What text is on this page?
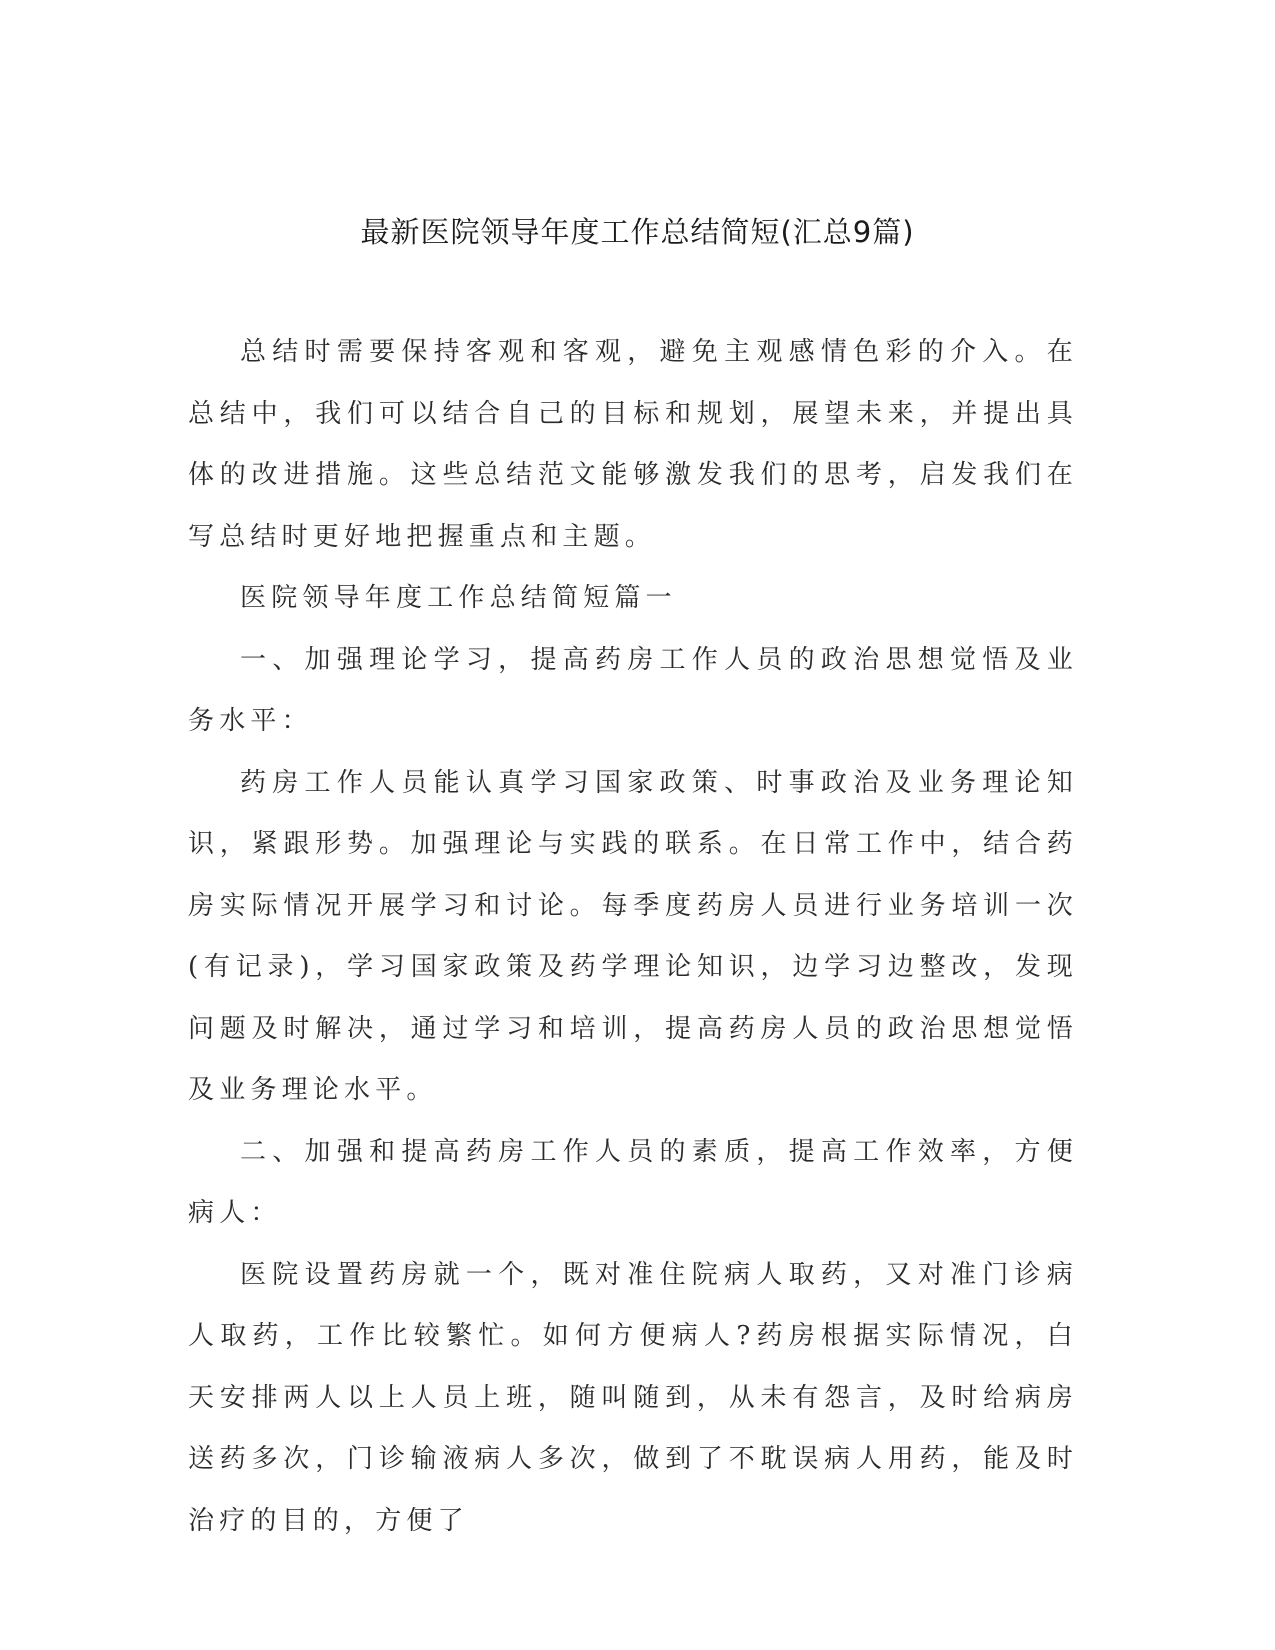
最新医院领导年度工作总结简短(汇总9篇)

总结时需要保持客观和客观，避免主观感情色彩的介入。在总结中，我们可以结合自己的目标和规划，展望未来，并提出具体的改进措施。这些总结范文能够激发我们的思考，启发我们在写总结时更好地把握重点和主题。

医院领导年度工作总结简短篇一

一、加强理论学习，提高药房工作人员的政治思想觉悟及业务水平：

药房工作人员能认真学习国家政策、时事政治及业务理论知识，紧跟形势。加强理论与实践的联系。在日常工作中，结合药房实际情况开展学习和讨论。每季度药房人员进行业务培训一次(有记录)，学习国家政策及药学理论知识，边学习边整改，发现问题及时解决，通过学习和培训，提高药房人员的政治思想觉悟及业务理论水平。

二、加强和提高药房工作人员的素质，提高工作效率，方便病人：

医院设置药房就一个，既对准住院病人取药，又对准门诊病人取药，工作比较繁忙。如何方便病人?药房根据实际情况，白天安排两人以上人员上班，随叫随到，从未有怨言，及时给病房送药多次，门诊输液病人多次，做到了不耽误病人用药，能及时治疗的目的，方便了
